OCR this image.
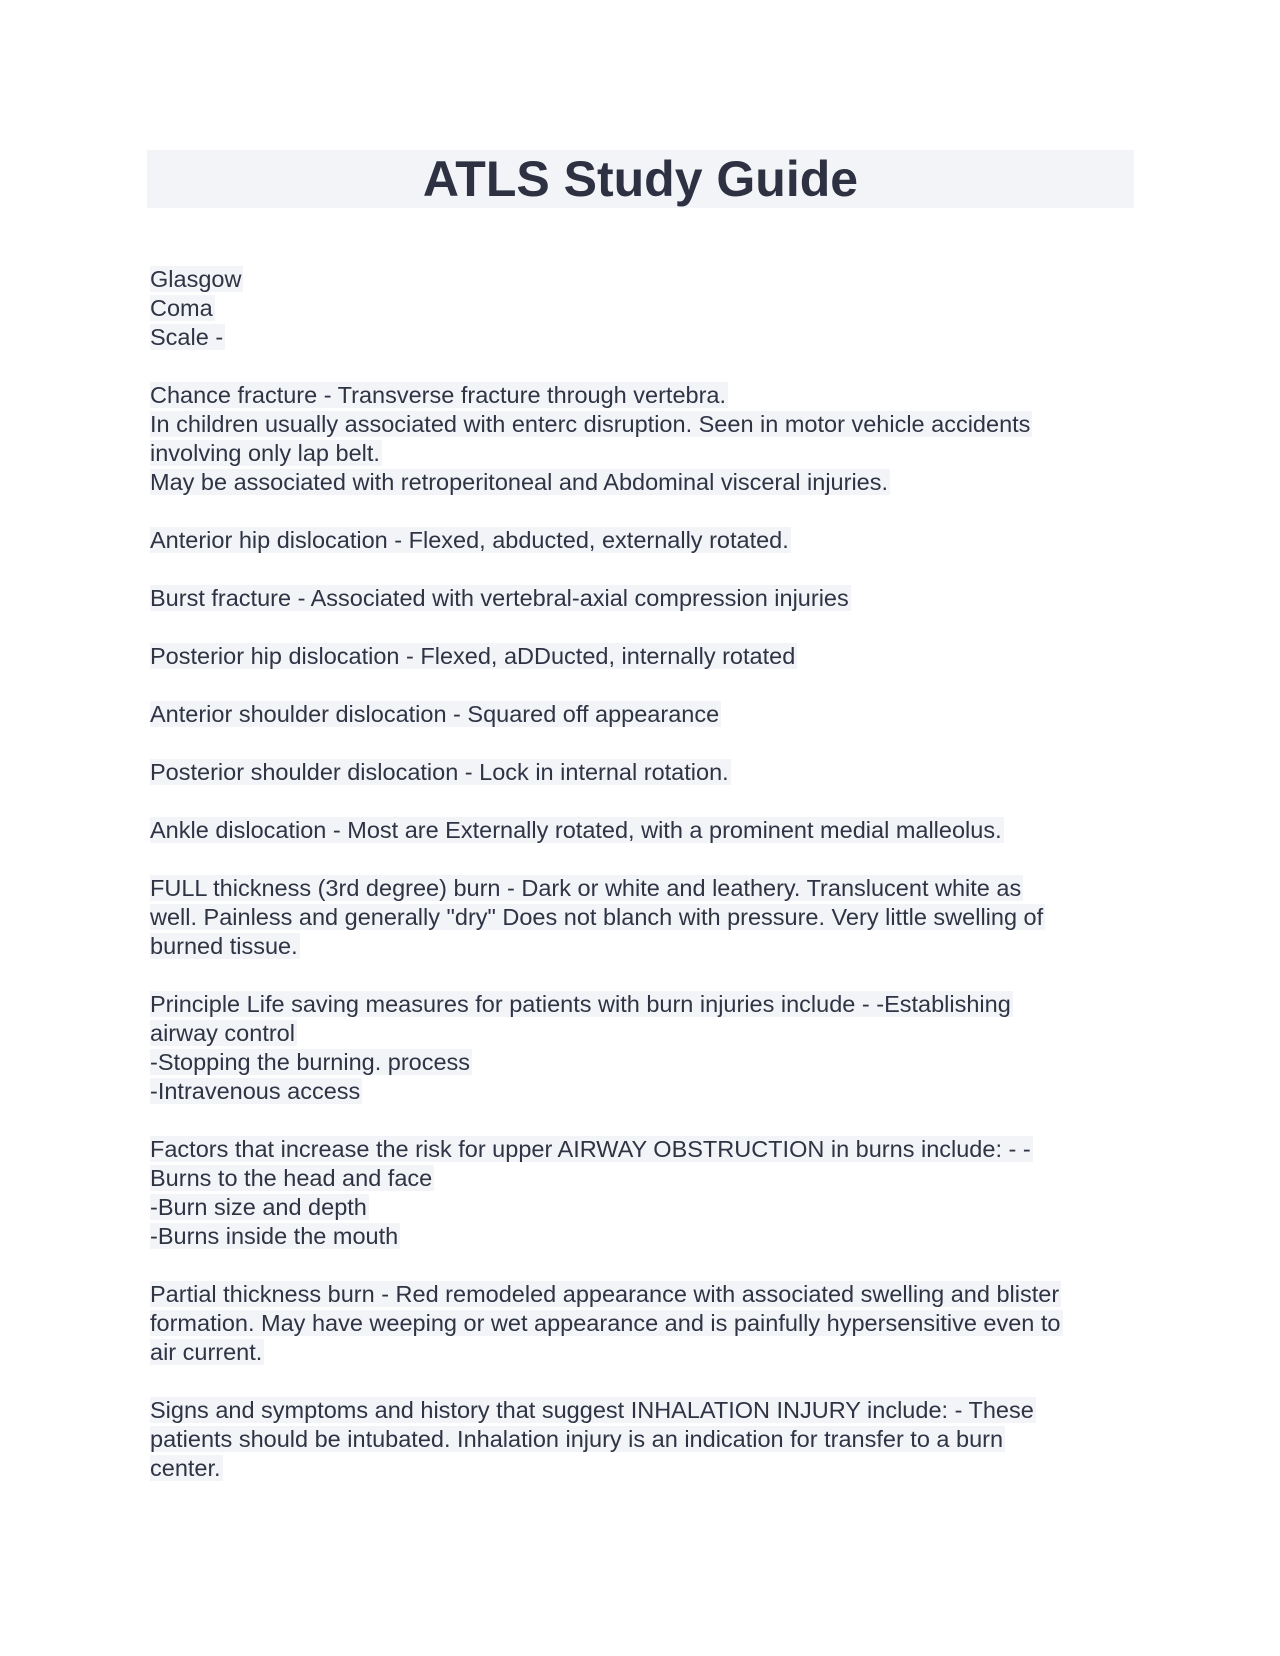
ATLS Study Guide
Glasgow
Coma
Scale -
Chance fracture - Transverse fracture through vertebra.
In children usually associated with enterc disruption. Seen in motor vehicle accidents
involving only lap belt.
May be associated with retroperitoneal and Abdominal visceral injuries.
Anterior hip dislocation - Flexed, abducted, externally rotated.
Burst fracture - Associated with vertebral-axial compression injuries
Posterior hip dislocation - Flexed, aDDucted, internally rotated
Anterior shoulder dislocation - Squared off appearance
Posterior shoulder dislocation - Lock in internal rotation.
Ankle dislocation - Most are Externally rotated, with a prominent medial malleolus.
FULL thickness (3rd degree) burn - Dark or white and leathery. Translucent white as
well. Painless and generally "dry" Does not blanch with pressure. Very little swelling of
burned tissue.
Principle Life saving measures for patients with burn injuries include - -Establishing
airway control
-Stopping the burning. process
-Intravenous access
Factors that increase the risk for upper AIRWAY OBSTRUCTION in burns include: - -
Burns to the head and face
-Burn size and depth
-Burns inside the mouth
Partial thickness burn - Red remodeled appearance with associated swelling and blister
formation. May have weeping or wet appearance and is painfully hypersensitive even to
air current.
Signs and symptoms and history that suggest INHALATION INJURY include: - These
patients should be intubated. Inhalation injury is an indication for transfer to a burn
center.
